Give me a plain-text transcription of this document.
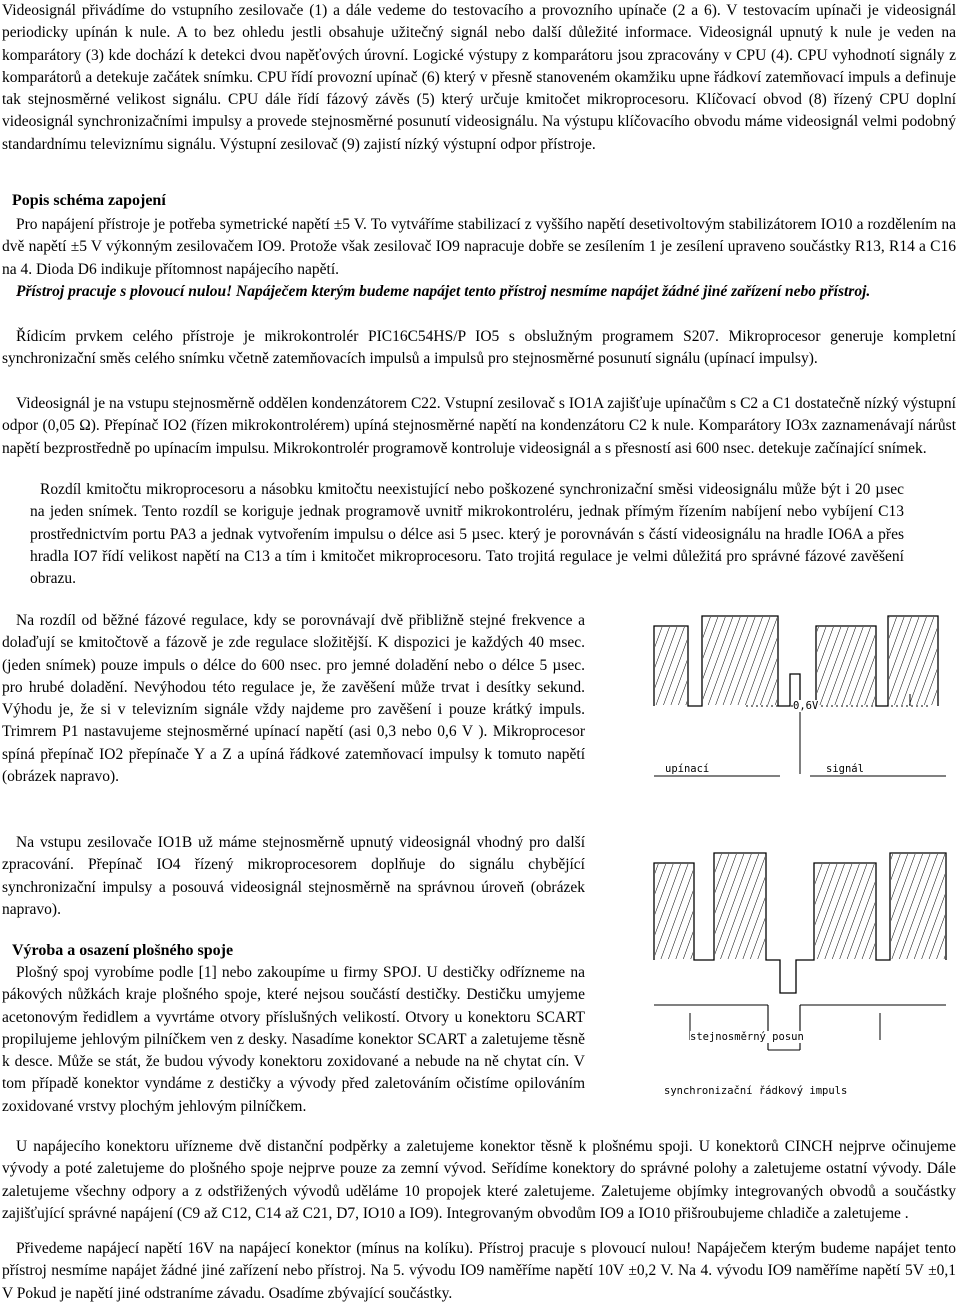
Videosignál přivádíme do vstupního zesilovače (1) a dále vedeme do testovacího a provozního upínače (2 a 6). V testovacím upínači je videosignál periodicky upínán k nule. A to bez ohledu jestli obsahuje užitečný signál nebo další důležité informace. Videosignál upnutý k nule je veden na komparátory (3) kde dochází k detekci dvou napěťových úrovní. Logické výstupy z komparátoru jsou zpracovány v CPU (4). CPU vyhodnotí signály z komparátorů a detekuje začátek snímku. CPU řídí provozní upínač (6) který v přesně stanoveném okamžiku upne řádkoví zatemňovací impuls a definuje tak stejnosměrné velikost signálu. CPU dále řídí fázový závěs (5) který určuje kmitočet mikroprocesoru. Klíčovací obvod (8) řízený CPU doplní videosignál synchronizačními impulsy a provede stejnosměrné posunutí videosignálu. Na výstupu klíčovacího obvodu máme videosignál velmi podobný standardnímu televiznímu signálu. Výstupní zesilovač (9) zajistí nízký výstupní odpor přístroje.

Popis schéma zapojení

Pro napájení přístroje je potřeba symetrické napětí ±5 V. To vytváříme stabilizací z vyššího napětí desetivoltovým stabilizátorem IO10 a rozdělením na dvě napětí ±5 V výkonným zesilovačem IO9. Protože však zesilovač IO9 napracuje dobře se zesílením 1 je zesílení upraveno součástky R13, R14 a C16 na 4. Dioda D6 indikuje přítomnost napájecího napětí.

Přístroj pracuje s plovoucí nulou! Napáječem kterým budeme napájet tento přístroj nesmíme napájet žádné jiné zařízení nebo přístroj.

Řídicím prvkem celého přístroje je mikrokontrolér PIC16C54HS/P IO5 s obslužným programem S207. Mikroprocesor generuje kompletní synchronizační směs celého snímku včetně zatemňovacích impulsů a impulsů pro stejnosměrné posunutí signálu (upínací impulsy).

Videosignál je na vstupu stejnosměrně oddělen kondenzátorem C22. Vstupní zesilovač s IO1A zajišťuje upínačům s C2 a C1 dostatečně nízký výstupní odpor (0,05 Ω). Přepínač IO2 (řízen mikrokontrolérem) upíná stejnosměrné napětí na kondenzátoru C2 k nule. Komparátory IO3x zaznamenávají nárůst napětí bezprostředně po upínacím impulsu. Mikrokontrolér programově kontroluje videosignál a s přesností asi 600 nsec. detekuje začínající snímek.

Rozdíl kmitočtu mikroprocesoru a násobku kmitočtu neexistující nebo poškozené synchronizační směsi videosignálu může být i 20 µsec na jeden snímek. Tento rozdíl se koriguje jednak programově uvnitř mikrokontroléru, jednak přímým řízením nabíjení nebo vybíjení C13 prostřednictvím portu PA3 a jednak vytvořením impulsu o délce asi 5 µsec. který je porovnáván s částí videosignálu na hradle IO6A a přes hradla IO7 řídí velikost napětí na C13 a tím i kmitočet mikroprocesoru. Tato trojitá regulace je velmi důležitá pro správné fázové zavěšení obrazu.

Na rozdíl od běžné fázové regulace, kdy se porovnávají dvě přibližně stejné frekvence a dolaďují se kmitočtově a fázově je zde regulace složitější. K dispozici je každých 40 msec. (jeden snímek) pouze impuls o délce do 600 nsec. pro jemné doladění nebo o délce 5 µsec. pro hrubé doladění. Nevýhodou této regulace je, že zavěšení může trvat i desítky sekund. Výhodu je, že si v televizním signále vždy najdeme pro zavěšení i pouze krátký impuls. Trimrem P1 nastavujeme stejnosměrné upínací napětí (asi 0,3 nebo 0,6 V ). Mikroprocesor spíná přepínač IO2 přepínače Y a Z a upíná řádkové zatemňovací impulsy k tomuto napětí (obrázek napravo).

Na vstupu zesilovače IO1B už máme stejnosměrně upnutý videosignál vhodný pro další zpracování. Přepínač IO4 řízený mikroprocesorem doplňuje do signálu chybějící synchronizační impulsy a posouvá videosignál stejnosměrně na správnou úroveň (obrázek napravo).

Výroba a osazení plošného spoje

Plošný spoj vyrobíme podle [1] nebo zakoupíme u firmy SPOJ. U destičky odřízneme na pákových nůžkách kraje plošného spoje, které nejsou součástí destičky. Destičku umyjeme acetonovým ředidlem a vyvrtáme otvory příslušných velikostí. Otvory u konektoru SCART propilujeme jehlovým pilníčkem ven z desky. Nasadíme konektor SCART a zaletujeme těsně k desce. Může se stát, že budou vývody konektoru zoxidované a nebude na ně chytat cín. V tom případě konektor vyndáme z destičky a vývody před zaletováním očistíme opilováním zoxidované vrstvy plochým jehlovým pilníčkem.

U napájecího konektoru uřízneme dvě distanční podpěrky a zaletujeme konektor těsně k plošnému spoji. U konektorů CINCH nejprve očinujeme vývody a poté zaletujeme do plošného spoje nejprve pouze za zemní vývod. Seřídíme konektory do správné polohy a zaletujeme ostatní vývody. Dále zaletujeme všechny odpory a z odstřižených vývodů uděláme 10 propojek které zaletujeme. Zaletujeme objímky integrovaných obvodů a součástky zajišťující správné napájení (C9 až C12, C14 až C21, D7, IO10 a IO9). Integrovaným obvodům IO9 a IO10 přišroubujeme chladiče a zaletujeme .

Přivedeme napájecí napětí 16V na napájecí konektor (mínus na kolíku). Přístroj pracuje s plovoucí nulou! Napáječem kterým budeme napájet tento přístroj nesmíme napájet žádné jiné zařízení nebo přístroj. Na 5. vývodu IO9 naměříme napětí 10V ±0,2 V. Na 4. vývodu IO9 naměříme napětí 5V ±0,1 V Pokud je napětí jiné odstraníme závadu. Osadíme zbývající součástky.

0,6V
upínací	signál
stejnosměrný posun
synchronizační řádkový impuls
